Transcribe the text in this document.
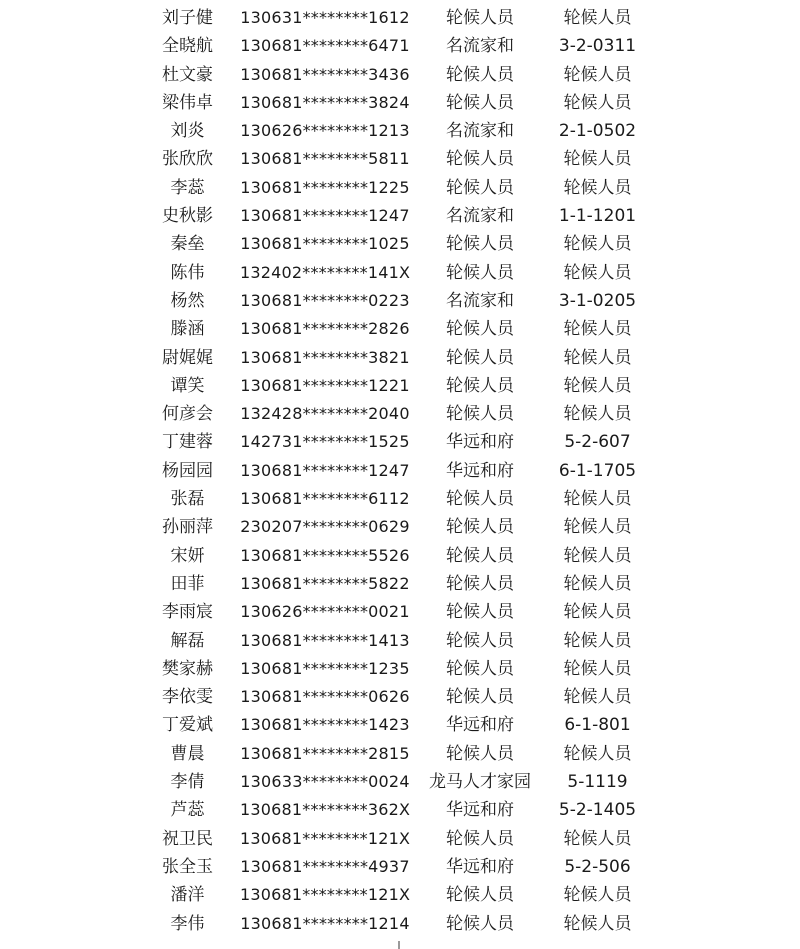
刘子健	130631********1612	轮候人员	轮候人员
全晓航	130681********6471	名流家和	3-2-0311
杜文豪	130681********3436	轮候人员	轮候人员
梁伟卓	130681********3824	轮候人员	轮候人员
刘炎	130626********1213	名流家和	2-1-0502
张欣欣	130681********5811	轮候人员	轮候人员
李蕊	130681********1225	轮候人员	轮候人员
史秋影	130681********1247	名流家和	1-1-1201
秦垒	130681********1025	轮候人员	轮候人员
陈伟	132402********141X	轮候人员	轮候人员
杨然	130681********0223	名流家和	3-1-0205
滕涵	130681********2826	轮候人员	轮候人员
尉娓娓	130681********3821	轮候人员	轮候人员
谭笑	130681********1221	轮候人员	轮候人员
何彦会	132428********2040	轮候人员	轮候人员
丁建蓉	142731********1525	华远和府	5-2-607
杨园园	130681********1247	华远和府	6-1-1705
张磊	130681********6112	轮候人员	轮候人员
孙丽萍	230207********0629	轮候人员	轮候人员
宋妍	130681********5526	轮候人员	轮候人员
田菲	130681********5822	轮候人员	轮候人员
李雨宸	130626********0021	轮候人员	轮候人员
解磊	130681********1413	轮候人员	轮候人员
樊家赫	130681********1235	轮候人员	轮候人员
李依雯	130681********0626	轮候人员	轮候人员
丁爱斌	130681********1423	华远和府	6-1-801
曹晨	130681********2815	轮候人员	轮候人员
李倩	130633********0024	龙马人才家园	5-1119
芦蕊	130681********362X	华远和府	5-2-1405
祝卫民	130681********121X	轮候人员	轮候人员
张全玉	130681********4937	华远和府	5-2-506
潘洋	130681********121X	轮候人员	轮候人员
李伟	130681********1214	轮候人员	轮候人员
